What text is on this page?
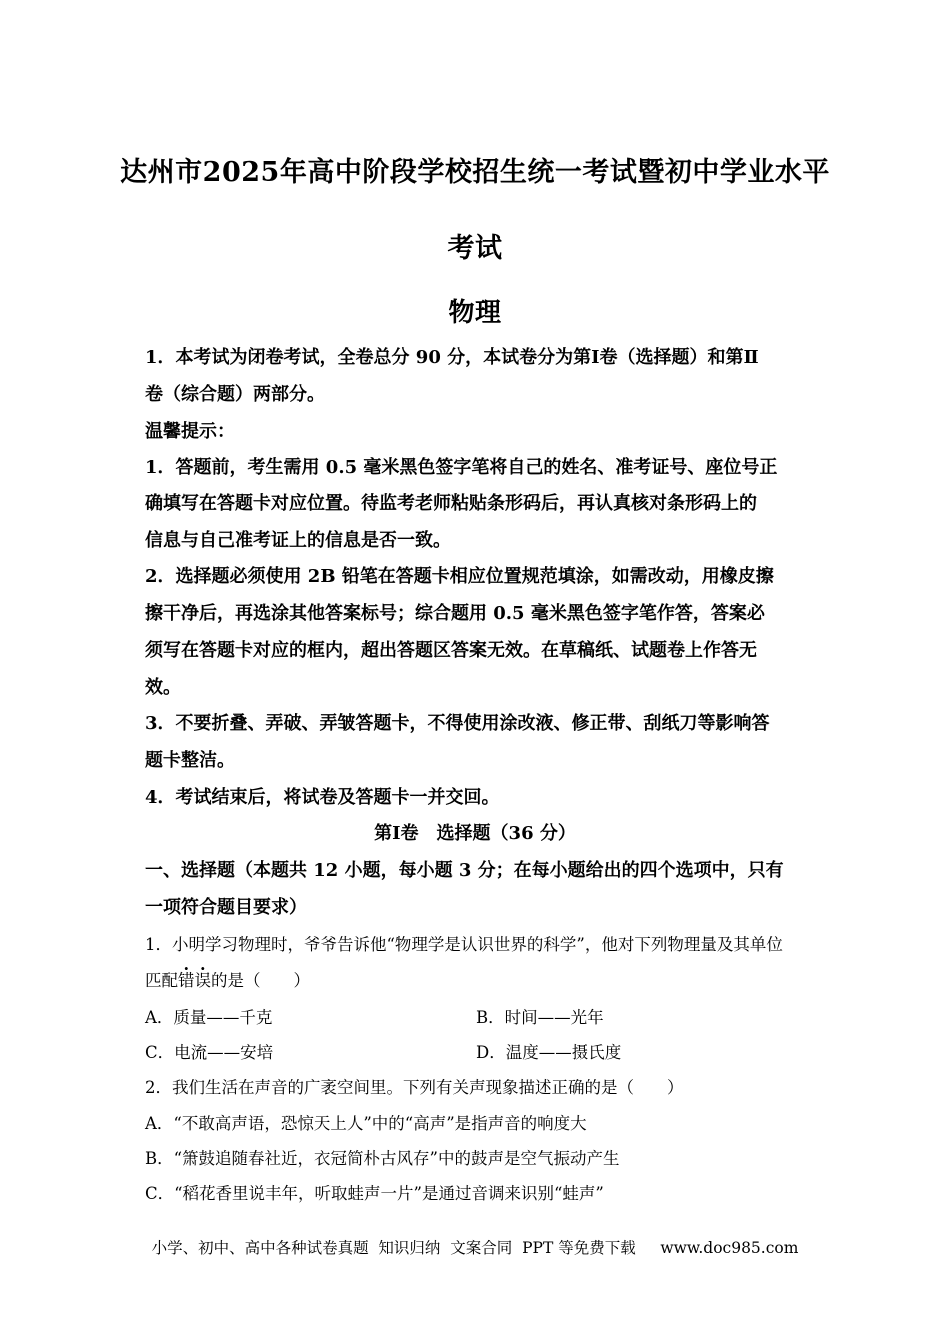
达州市2025年高中阶段学校招生统一考试暨初中学业水平
考试
物理
1．本考试为闭卷考试，全卷总分 90 分，本试卷分为第Ⅰ卷（选择题）和第Ⅱ
卷（综合题）两部分。
温馨提示：
1．答题前，考生需用 0.5 毫米黑色签字笔将自己的姓名、准考证号、座位号正
确填写在答题卡对应位置。待监考老师粘贴条形码后，再认真核对条形码上的
信息与自己准考证上的信息是否一致。
2．选择题必须使用 2B 铅笔在答题卡相应位置规范填涂，如需改动，用橡皮擦
擦干净后，再选涂其他答案标号；综合题用 0.5 毫米黑色签字笔作答，答案必
须写在答题卡对应的框内，超出答题区答案无效。在草稿纸、试题卷上作答无
效。
3．不要折叠、弄破、弄皱答题卡，不得使用涂改液、修正带、刮纸刀等影响答
题卡整洁。
4．考试结束后，将试卷及答题卡一并交回。
第Ⅰ卷　选择题（36 分）
一、选择题（本题共 12 小题，每小题 3 分；在每小题给出的四个选项中，只有
一项符合题目要求）
1．小明学习物理时，爷爷告诉他“物理学是认识世界的科学”，他对下列物理量及其单位
匹配错误的是（　　）
A．质量——千克	B．时间——光年
C．电流——安培	D．温度——摄氏度
2．我们生活在声音的广袤空间里。下列有关声现象描述正确的是（　　）
A．“不敢高声语，恐惊天上人”中的“高声”是指声音的响度大
B．“箫鼓追随春社近，衣冠简朴古风存”中的鼓声是空气振动产生
C．“稻花香里说丰年，听取蛙声一片”是通过音调来识别“蛙声”
小学、初中、高中各种试卷真题  知识归纳  文案合同  PPT 等免费下载     www.doc985.com
